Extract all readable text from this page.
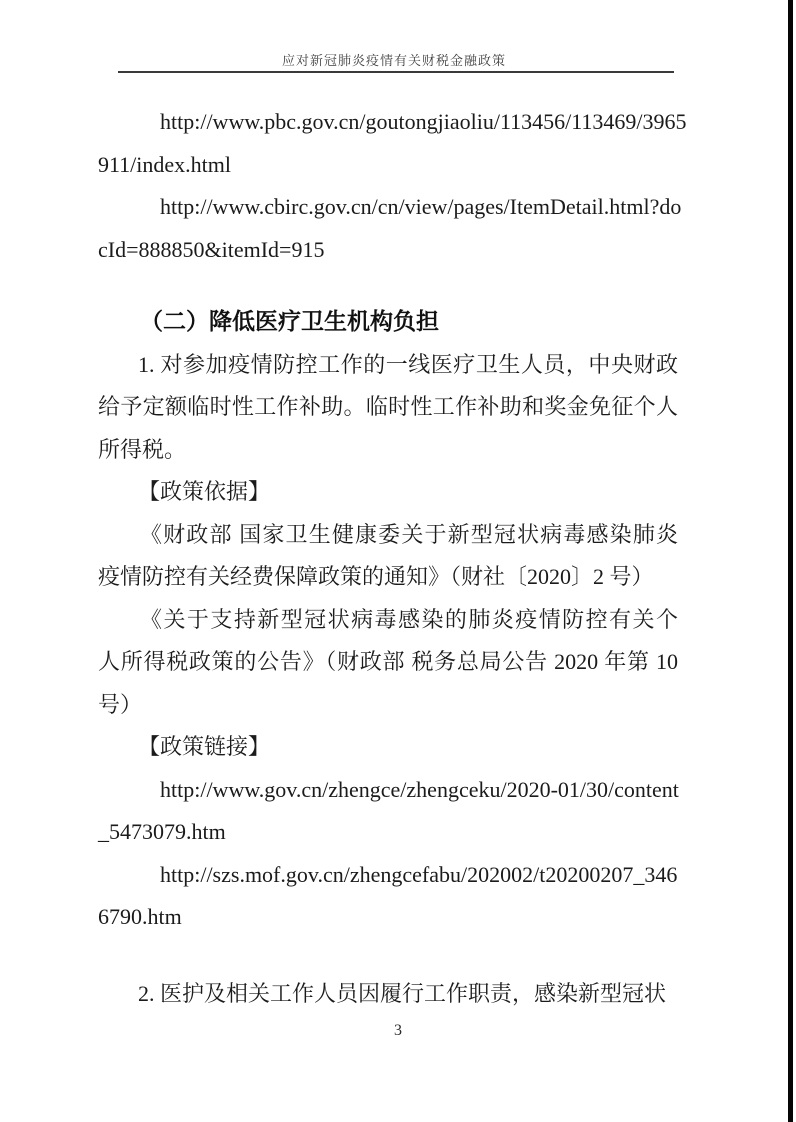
应对新冠肺炎疫情有关财税金融政策

http://www.pbc.gov.cn/goutongjiaoliu/113456/113469/3965
911/index.html

http://www.cbirc.gov.cn/cn/view/pages/ItemDetail.html?do
cId=888850&itemId=915

（二）降低医疗卫生机构负担

1. 对参加疫情防控工作的一线医疗卫生人员，中央财政
给予定额临时性工作补助。临时性工作补助和奖金免征个人
所得税。

【政策依据】

《财政部 国家卫生健康委关于新型冠状病毒感染肺炎
疫情防控有关经费保障政策的通知》（财社〔2020〕2 号）

《关于支持新型冠状病毒感染的肺炎疫情防控有关个
人所得税政策的公告》（财政部 税务总局公告 2020 年第 10
号）

【政策链接】

http://www.gov.cn/zhengce/zhengceku/2020-01/30/content
_5473079.htm

http://szs.mof.gov.cn/zhengcefabu/202002/t20200207_346
6790.htm

2. 医护及相关工作人员因履行工作职责，感染新型冠状

3
